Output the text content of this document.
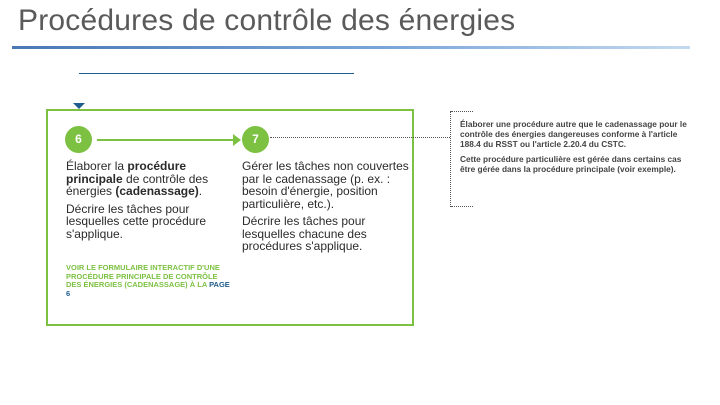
Procédures de contrôle des énergies
6	7

Élaborer la procédure principale de contrôle des énergies (cadenassage).

Décrire les tâches pour lesquelles cette procédure s'applique.

Gérer les tâches non couvertes par le cadenassage (p. ex. : besoin d'énergie, position particulière, etc.).

Décrire les tâches pour lesquelles chacune des procédures s'applique.

VOIR LE FORMULAIRE INTERACTIF D'UNE PROCÉDURE PRINCIPALE DE CONTRÔLE DES ÉNERGIES (CADENASSAGE) À LA PAGE 6

Élaborer une procédure autre que le cadenassage pour le contrôle des énergies dangereuses conforme à l'article 188.4 du RSST ou l'article 2.20.4 du CSTC.

Cette procédure particulière est gérée dans certains cas être gérée dans la procédure principale (voir exemple).
